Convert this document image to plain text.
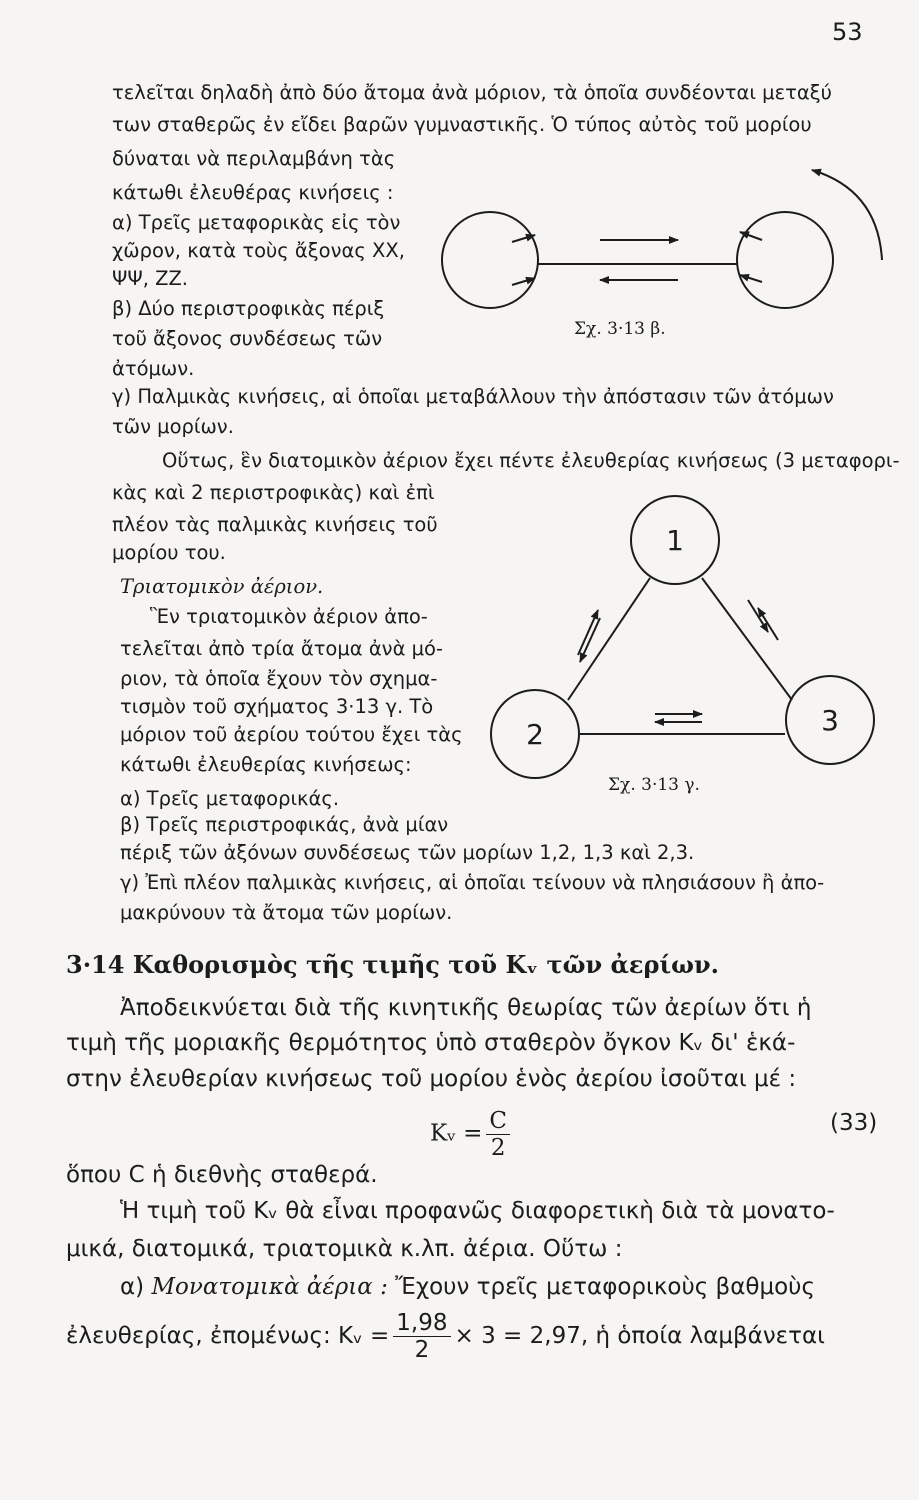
53
τελεῖται δηλαδὴ ἀπὸ δύο ἄτομα ἀνὰ μόριον, τὰ ὁποῖα συνδέονται μεταξύ
των σταθερῶς ἐν εἴδει βαρῶν γυμναστικῆς. Ὁ τύπος αὐτὸς τοῦ μορίου
δύναται νὰ περιλαμβάνη τὰς
κάτωθι ἐλευθέρας κινήσεις :
α) Τρεῖς μεταφορικὰς εἰς τὸν
χῶρον, κατὰ τοὺς ἄξονας XX,
ΨΨ, ΖΖ.
β) Δύο περιστροφικὰς πέριξ
τοῦ ἄξονος συνδέσεως τῶν
ἀτόμων.
γ) Παλμικὰς κινήσεις, αἱ ὁποῖαι μεταβάλλουν τὴν ἀπόστασιν τῶν ἀτόμων
τῶν μορίων.
Οὕτως, ἓν διατομικὸν ἀέριον ἔχει πέντε ἐλευθερίας κινήσεως (3 μεταφορι-
κὰς καὶ 2 περιστροφικὰς) καὶ ἐπὶ
πλέον τὰς παλμικὰς κινήσεις τοῦ
μορίου του.
Σχ. 3·13 β.
Τριατομικὸν ἀέριον.
Ἓν τριατομικὸν ἀέριον ἀπο-
τελεῖται ἀπὸ τρία ἄτομα ἀνὰ μό-
ριον, τὰ ὁποῖα ἔχουν τὸν σχημα-
τισμὸν τοῦ σχήματος 3·13 γ. Τὸ
μόριον τοῦ ἀερίου τούτου ἔχει τὰς
κάτωθι ἐλευθερίας κινήσεως:
α) Τρεῖς μεταφορικάς.
β) Τρεῖς περιστροφικάς, ἀνὰ μίαν
πέριξ τῶν ἀξόνων συνδέσεως τῶν μορίων 1,2, 1,3 καὶ 2,3.
γ) Ἐπὶ πλέον παλμικὰς κινήσεις, αἱ ὁποῖαι τείνουν νὰ πλησιάσουν ἢ ἀπο-
μακρύνουν τὰ ἄτομα τῶν μορίων.
1
2	3
Σχ. 3·13 γ.
3·14 Καθορισμὸς τῆς τιμῆς τοῦ Kᵥ τῶν ἀερίων.
Ἀποδεικνύεται διὰ τῆς κινητικῆς θεωρίας τῶν ἀερίων ὅτι ἡ
τιμὴ τῆς μοριακῆς θερμότητος ὑπὸ σταθερὸν ὄγκον Kᵥ δι' ἑκά-
στην ἐλευθερίαν κινήσεως τοῦ μορίου ἑνὸς ἀερίου ἰσοῦται μέ :
Kᵥ = $\frac{C}{2}$	(33)
ὅπου C ἡ διεθνὴς σταθερά.
Ἡ τιμὴ τοῦ Kᵥ θὰ εἶναι προφανῶς διαφορετικὴ διὰ τὰ μονατο-
μικά, διατομικά, τριατομικὰ κ.λπ. ἀέρια. Οὕτω :
α) Μονατομικὰ ἀέρια : Ἔχουν τρεῖς μεταφορικοὺς βαθμοὺς
ἐλευθερίας, ἐπομένως: Kᵥ = $\frac{1,98}{2} \times 3 = 2,97$, ἡ ὁποία λαμβάνεται
